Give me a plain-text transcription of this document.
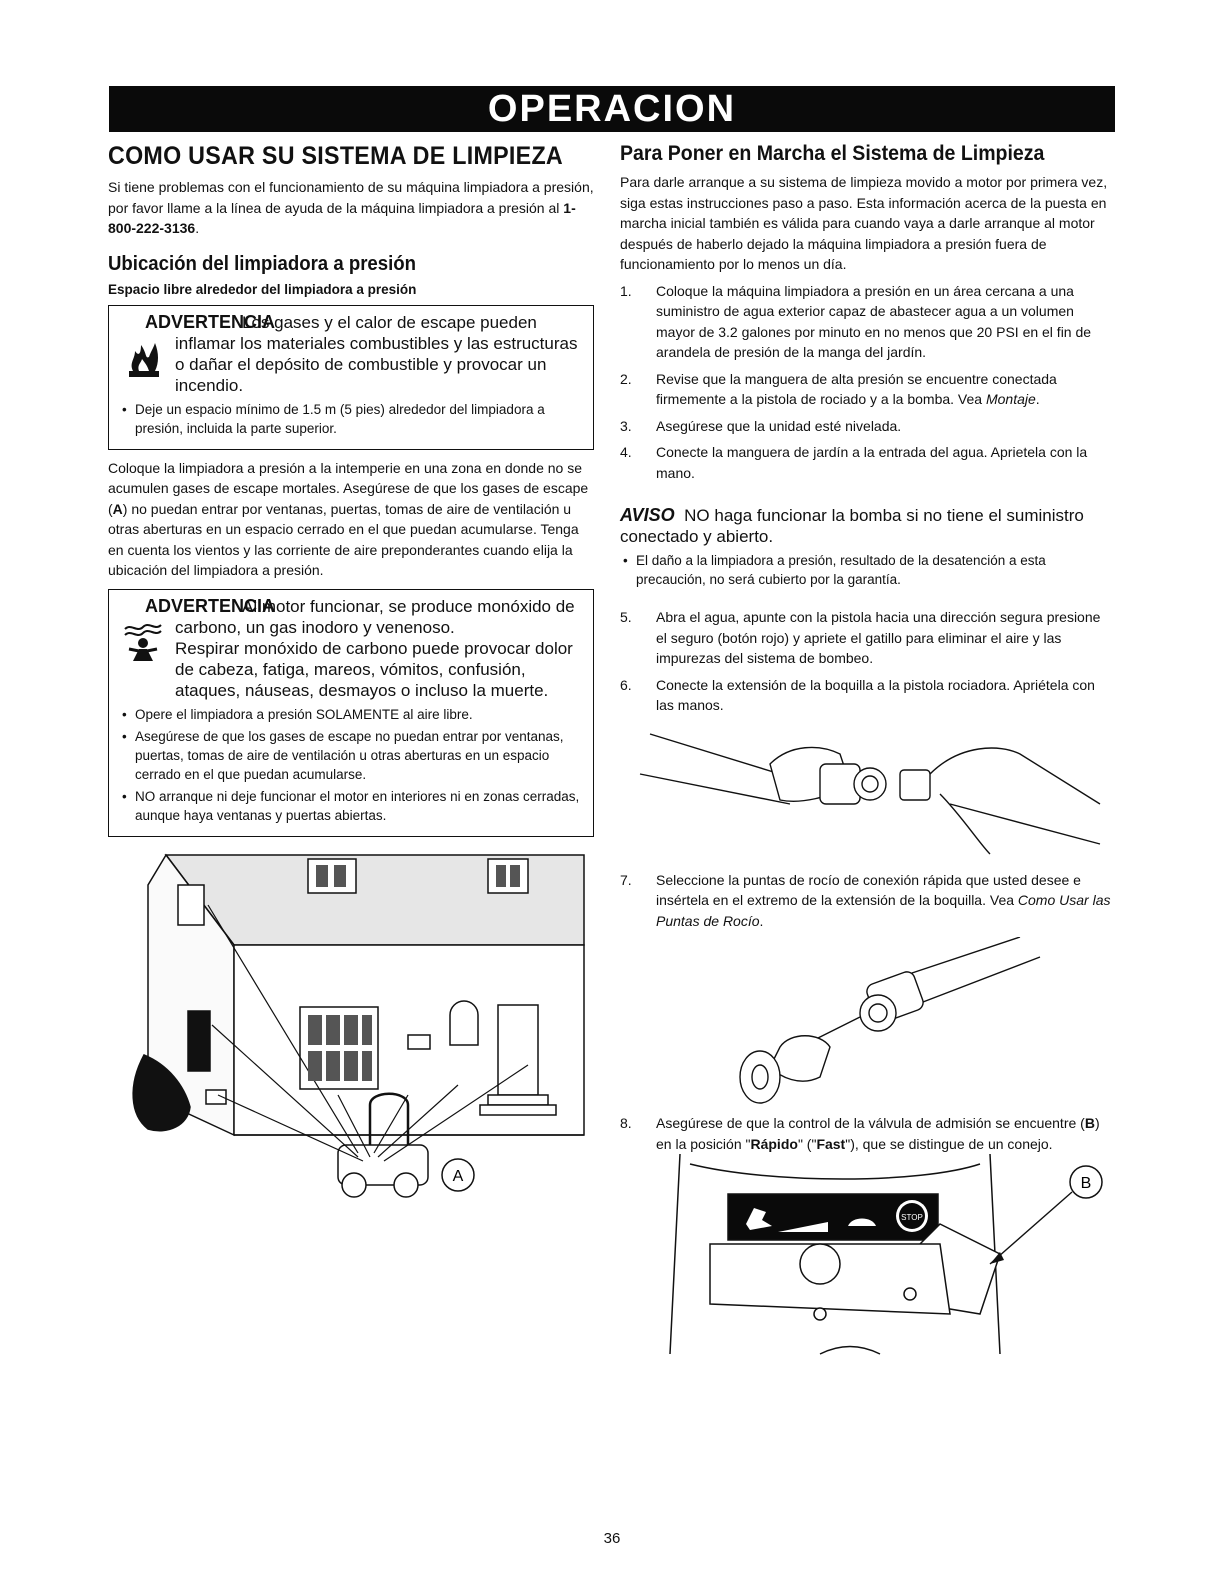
OPERACION
COMO USAR SU SISTEMA DE LIMPIEZA

Si tiene problemas con el funcionamiento de su máquina limpiadora a presión, por favor llame a la línea de ayuda de la máquina limpiadora a presión al 1-800-222-3136.

Ubicación del limpiadora a presión
Espacio libre alrededor del limpiadora a presión
ADVERTENCIA
Los gases y el calor de escape pueden inflamar los materiales combustibles y las estructuras o dañar el depósito de combustible y provocar un incendio.
• Deje un espacio mínimo de 1.5 m (5 pies) alrededor del limpiadora a presión, incluida la parte superior.

Coloque la limpiadora a presión a la intemperie en una zona en donde no se acumulen gases de escape mortales. Asegúrese de que los gases de escape (A) no puedan entrar por ventanas, puertas, tomas de aire de ventilación u otras aberturas en un espacio cerrado en el que puedan acumularse. Tenga en cuenta los vientos y las corriente de aire preponderantes cuando elija la ubicación del limpiadora a presión.

ADVERTENCIA
Al motor funcionar, se produce monóxido de carbono, un gas inodoro y venenoso.
Respirar monóxido de carbono puede provocar dolor de cabeza, fatiga, mareos, vómitos, confusión, ataques, náuseas, desmayos o incluso la muerte.
• Opere el limpiadora a presión SOLAMENTE al aire libre.
• Asegúrese de que los gases de escape no puedan entrar por ventanas, puertas, tomas de aire de ventilación u otras aberturas en un espacio cerrado en el que puedan acumularse.
• NO arranque ni deje funcionar el motor en interiores ni en zonas cerradas, aunque haya ventanas y puertas abiertas.
A
Para Poner en Marcha el Sistema de Limpieza

Para darle arranque a su sistema de limpieza movido a motor por primera vez, siga estas instrucciones paso a paso. Esta información acerca de la puesta en marcha inicial también es válida para cuando vaya a darle arranque al motor después de haberlo dejado la máquina limpiadora a presión fuera de funcionamiento por lo menos un día.

1. Coloque la máquina limpiadora a presión en un área cercana a una suministro de agua exterior capaz de abastecer agua a un volumen mayor de 3.2 galones por minuto en no menos que 20 PSI en el fin de arandela de presión de la manga del jardín.
2. Revise que la manguera de alta presión se encuentre conectada firmemente a la pistola de rociado y a la bomba. Vea Montaje.
3. Asegúrese que la unidad esté nivelada.
4. Conecte la manguera de jardín a la entrada del agua. Aprietela con la mano.
AVISO NO haga funcionar la bomba si no tiene el suministro conectado y abierto.
• El daño a la limpiadora a presión, resultado de la desatención a esta precaución, no será cubierto por la garantía.
5. Abra el agua, apunte con la pistola hacia una dirección segura presione el seguro (botón rojo) y apriete el gatillo para eliminar el aire y las impurezas del sistema de bombeo.
6. Conecte la extensión de la boquilla a la pistola rociadora. Apriételа con las manos.
7. Seleccione la puntas de rocío de conexión rápida que usted desee e insértela en el extremo de la extensión de la boquilla. Vea Como Usar las Puntas de Rocío.
8. Asegúrese de que la control de la válvula de admisión se encuentre (B) en la posición "Rápido" ("Fast"), que se distingue de un conejo.
STOP
B
36
